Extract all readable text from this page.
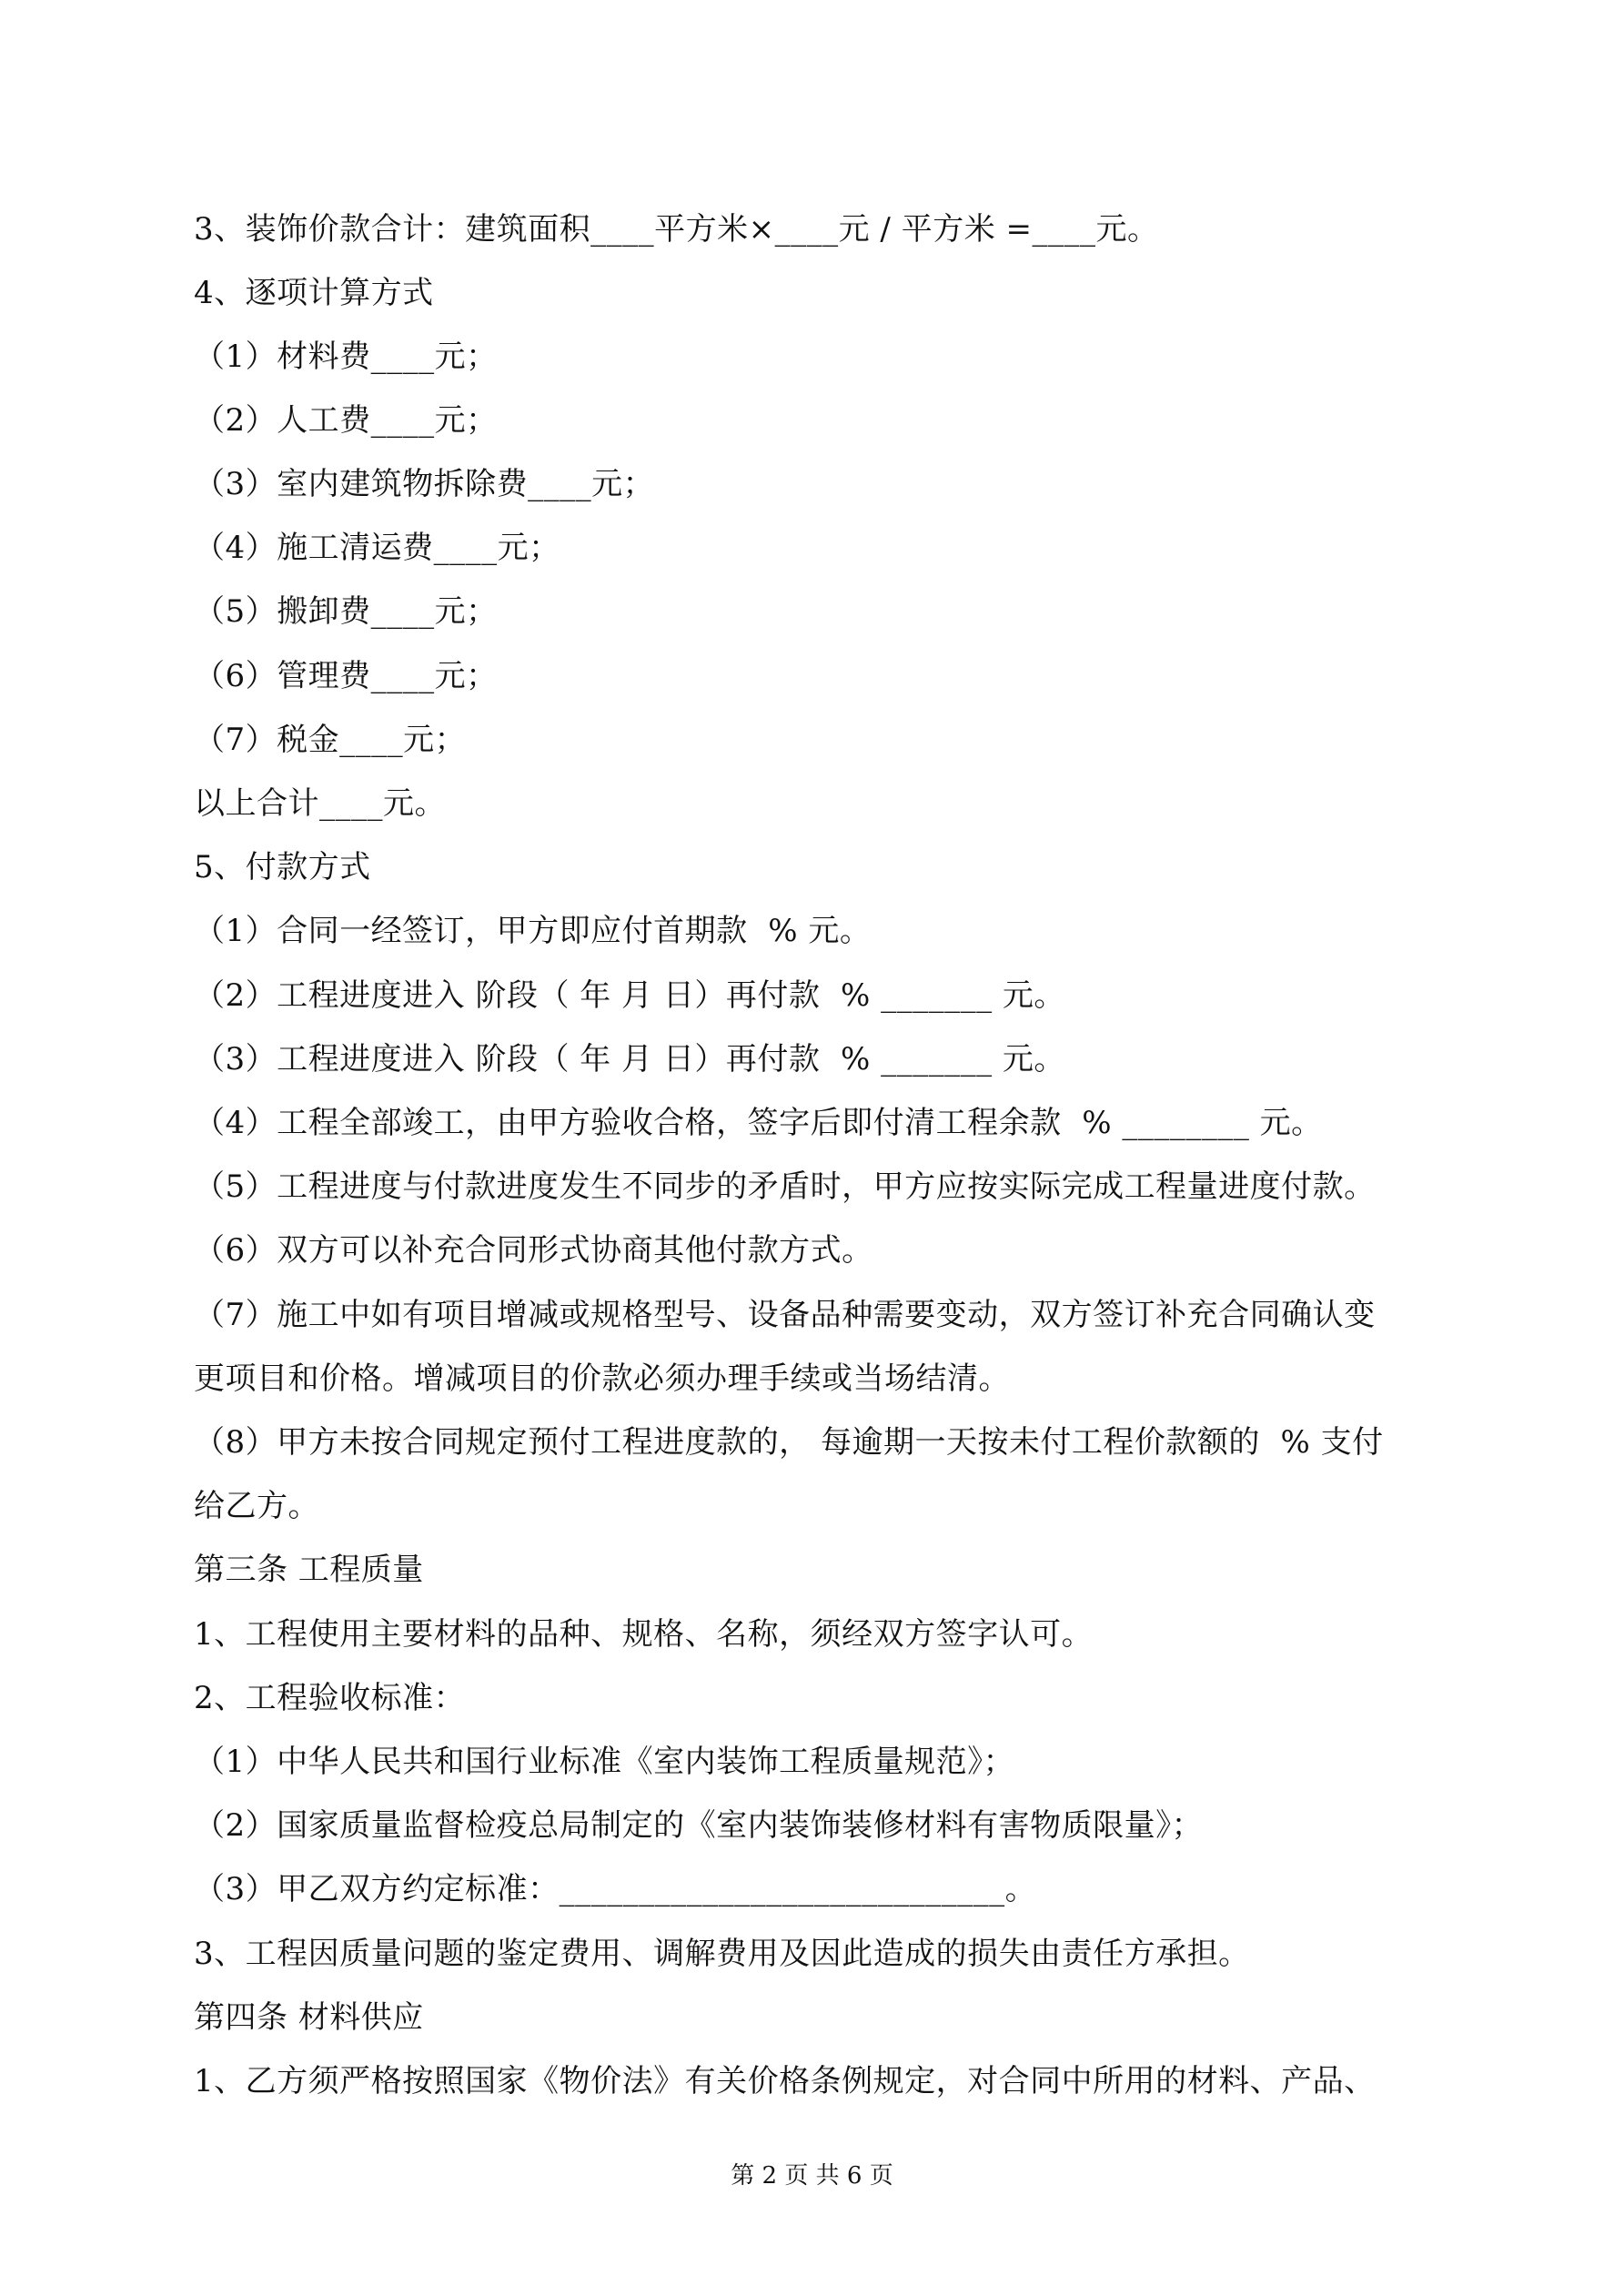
3、装饰价款合计：建筑面积____平方米×____元 / 平方米 =____元。
4、逐项计算方式
（1）材料费____元；
（2）人工费____元；
（3）室内建筑物拆除费____元；
（4）施工清运费____元；
（5）搬卸费____元；
（6）管理费____元；
（7）税金____元；
以上合计____元。
5、付款方式
（1）合同一经签订，甲方即应付首期款  % 元。
（2）工程进度进入 阶段（ 年 月 日）再付款  % _______ 元。
（3）工程进度进入 阶段（ 年 月 日）再付款  % _______ 元。
（4）工程全部竣工，由甲方验收合格，签字后即付清工程余款  % ________ 元。
（5）工程进度与付款进度发生不同步的矛盾时，甲方应按实际完成工程量进度付款。
（6）双方可以补充合同形式协商其他付款方式。
（7）施工中如有项目增减或规格型号、设备品种需要变动，双方签订补充合同确认变
更项目和价格。增减项目的价款必须办理手续或当场结清。
（8）甲方未按合同规定预付工程进度款的， 每逾期一天按未付工程价款额的  % 支付
给乙方。
第三条 工程质量
1、工程使用主要材料的品种、规格、名称，须经双方签字认可。
2、工程验收标准：
（1）中华人民共和国行业标准《室内装饰工程质量规范》；
（2）国家质量监督检疫总局制定的《室内装饰装修材料有害物质限量》；
（3）甲乙双方约定标准：____________________________。
3、工程因质量问题的鉴定费用、调解费用及因此造成的损失由责任方承担。
第四条 材料供应
1、乙方须严格按照国家《物价法》有关价格条例规定，对合同中所用的材料、产品、
第 2 页 共 6 页
